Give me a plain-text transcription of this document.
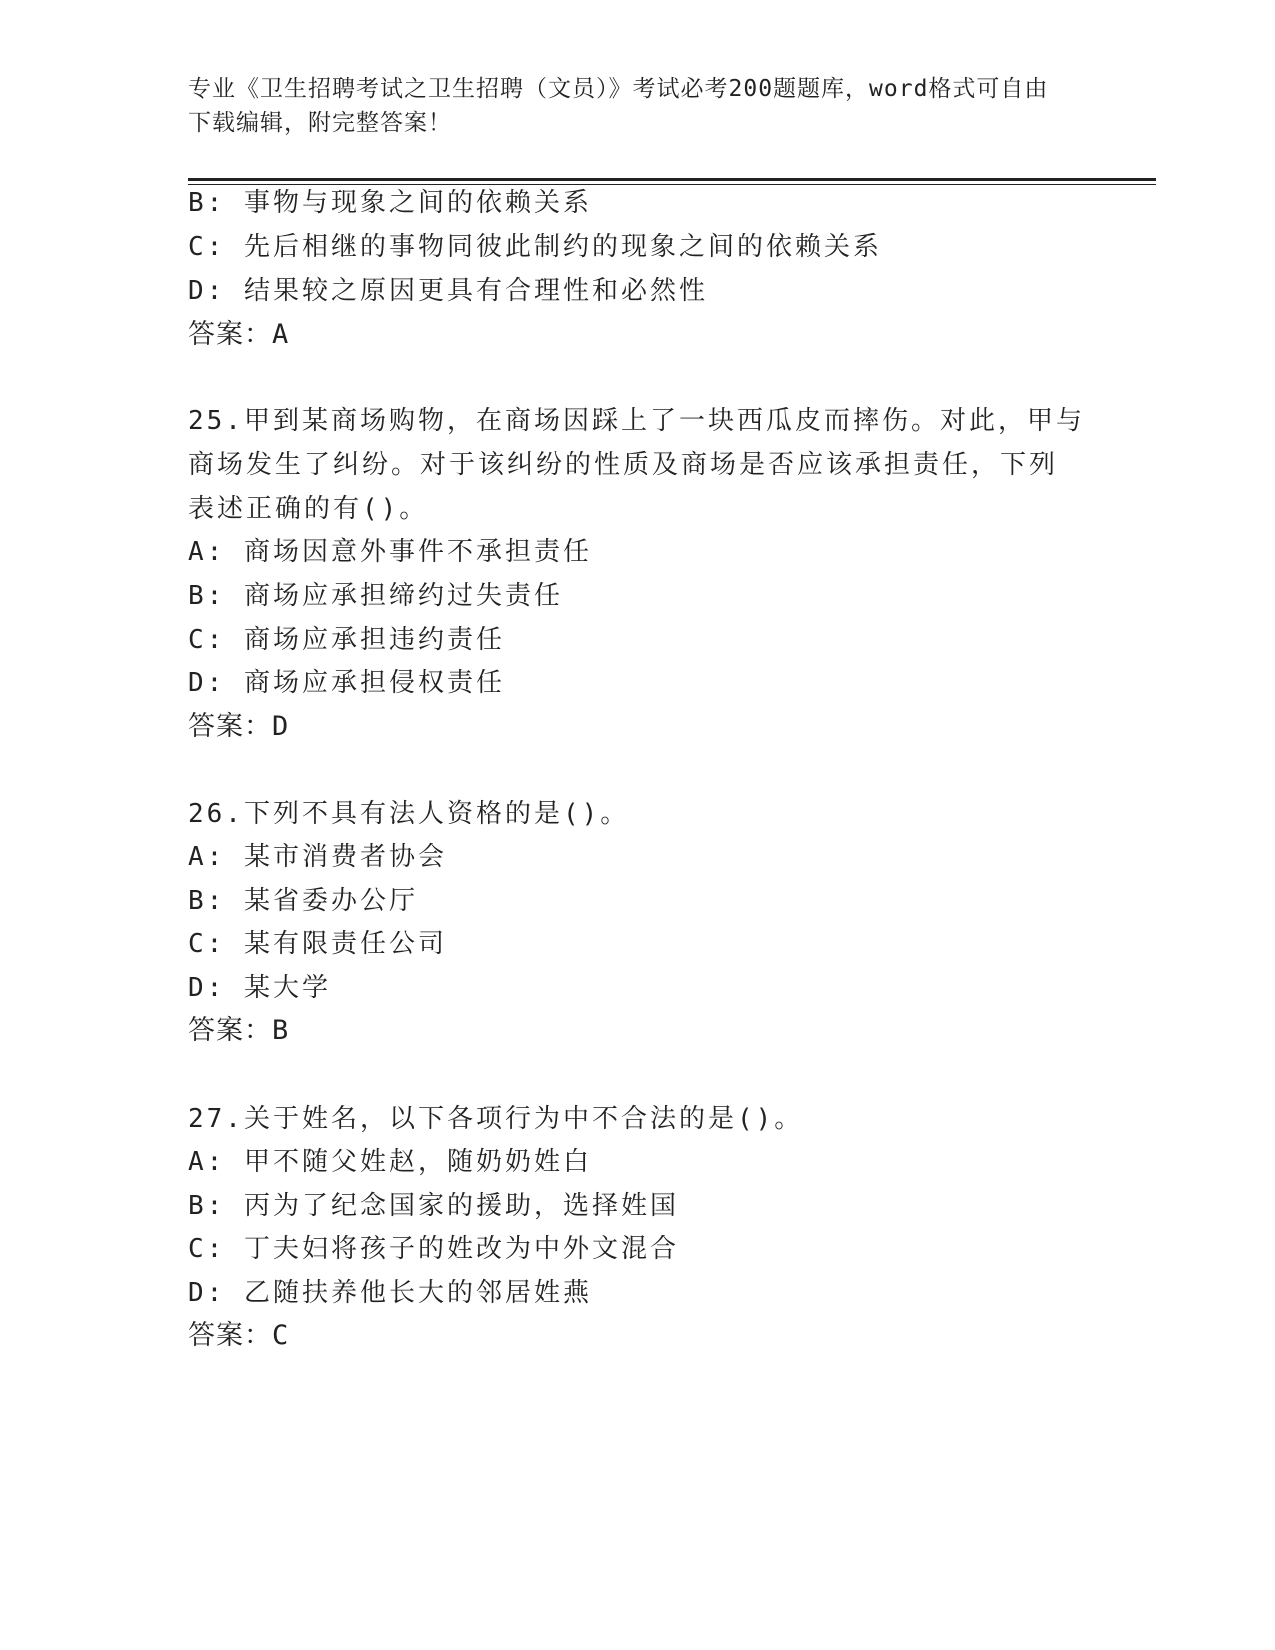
专业《卫生招聘考试之卫生招聘（文员）》考试必考200题题库，word格式可自由下载编辑，附完整答案！
B: 事物与现象之间的依赖关系
C: 先后相继的事物同彼此制约的现象之间的依赖关系
D: 结果较之原因更具有合理性和必然性
答案：A
25.甲到某商场购物，在商场因踩上了一块西瓜皮而摔伤。对此，甲与
商场发生了纠纷。对于该纠纷的性质及商场是否应该承担责任，下列
表述正确的有()。
A: 商场因意外事件不承担责任
B: 商场应承担缔约过失责任
C: 商场应承担违约责任
D: 商场应承担侵权责任
答案：D
26.下列不具有法人资格的是()。
A: 某市消费者协会
B: 某省委办公厅
C: 某有限责任公司
D: 某大学
答案：B
27.关于姓名，以下各项行为中不合法的是()。
A: 甲不随父姓赵，随奶奶姓白
B: 丙为了纪念国家的援助，选择姓国
C: 丁夫妇将孩子的姓改为中外文混合
D: 乙随扶养他长大的邻居姓燕
答案：C
